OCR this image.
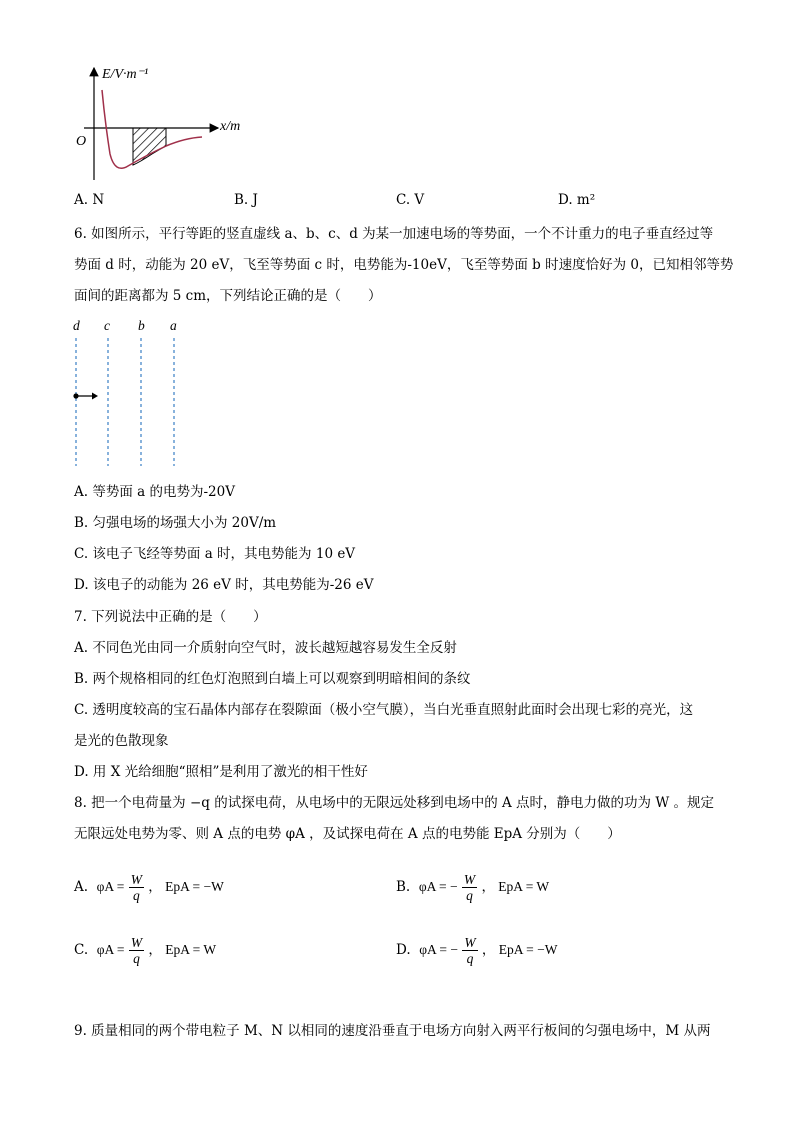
E/V·m⁻¹
x/m
O
A. N	B. J	C. V	D. m²
6. 如图所示，平行等距的竖直虚线 a、b、c、d 为某一加速电场的等势面，一个不计重力的电子垂直经过等
势面 d 时，动能为 20 eV，飞至等势面 c 时，电势能为-10eV，飞至等势面 b 时速度恰好为 0，已知相邻等势
面间的距离都为 5 cm，下列结论正确的是（　　）
d c b a
A. 等势面 a 的电势为-20V
B. 匀强电场的场强大小为 20V/m
C. 该电子飞经等势面 a 时，其电势能为 10 eV
D. 该电子的动能为 26 eV 时，其电势能为-26 eV
7. 下列说法中正确的是（　　）
A. 不同色光由同一介质射向空气时，波长越短越容易发生全反射
B. 两个规格相同的红色灯泡照到白墙上可以观察到明暗相间的条纹
C. 透明度较高的宝石晶体内部存在裂隙面（极小空气膜），当白光垂直照射此面时会出现七彩的亮光，这
是光的色散现象
D. 用 X 光给细胞“照相”是利用了激光的相干性好
8. 把一个电荷量为 −q 的试探电荷，从电场中的无限远处移到电场中的 A 点时，静电力做的功为 W 。规定
无限远处电势为零、则 A 点的电势 φA ，及试探电荷在 A 点的电势能 EpA 分别为（　　）
A. $\varphi A = \frac{W}{q}$ ， EpA = −W	B. φA = − $\frac{W}{q}$ ， EpA = W
C. $\varphi A = \frac{W}{q}$ ， EpA = W	D. φA = − $\frac{W}{q}$ ， EpA = −W
9. 质量相同的两个带电粒子 M、N 以相同的速度沿垂直于电场方向射入两平行板间的匀强电场中，M 从两
